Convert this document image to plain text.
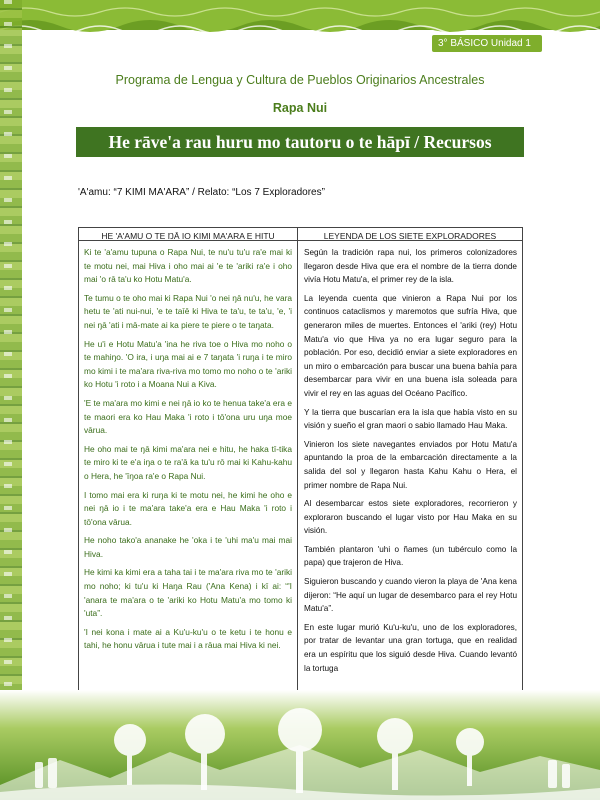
3° BÁSICO Unidad 1
Programa de Lengua y Cultura de Pueblos Originarios Ancestrales
Rapa Nui
He rāve'a rau huru mo tautoru o te hāpī / Recursos
'A'amu: “7 KIMI MA'ARA” / Relato: “Los 7 Exploradores”
HE 'A'AMU O TE ŊĀ IO KIMI MA'ARA E HITU

Ki te 'a'amu tupuna o Rapa Nui, te nu'u tu'u ra'e mai ki te motu nei, mai Hiva i oho mai ai 'e te 'ariki ra'e i oho mai 'o rā ta'u ko Hotu Matu'a.

Te tumu o te oho mai ki Rapa Nui 'o nei ŋā nu'u, he vara hetu te 'ati nui-nui, 'e te taīē ki Hiva te ta'u, te ta'u, 'e, 'i nei ŋā 'ati i mā-mate ai ka piere te piere o te taŋata.

He u'i e Hotu Matu'a 'ina he riva toe o Hiva mo noho o te mahiŋo. 'O ira, i uŋa mai ai e 7 taŋata 'i ruŋa i te miro mo kimi i te ma'ara riva-riva mo tomo mo noho o te 'ariki ko Hotu 'i roto i a Moana Nui a Kiva.

'E te ma'ara mo kimi e nei ŋā io ko te henua take'a era e te maori era ko Hau Maka 'i roto i tō'ona uru uŋa moe vārua.

He oho mai te ŋā kimi ma'ara nei e hitu, he haka tī-tika te miro ki te e'a iŋa o te ra'ā ka tu'u rō mai ki Kahu-kahu o Hera, he 'īŋoa ra'e o Rapa Nui.

I tomo mai era ki ruŋa ki te motu nei, he kimi he oho e nei ŋā io i te ma'ara take'a era e Hau Maka 'i roto i tō'ona vārua.

He noho tako'a ananake he 'oka i te 'uhi ma'u mai mai Hiva.

He kimi ka kimi era a taha tai i te ma'ara riva mo te 'ariki mo noho; ki tu'u ki Haŋa Rau ('Ana Kena) i kī ai: “'I 'anara te ma'ara o te 'ariki ko Hotu Matu'a mo tomo ki 'uta”.

'I nei kona i mate ai a Ku'u-ku'u o te ketu i te honu e tahi, he honu vārua i tute mai i a rāua mai Hiva ki nei.

LEYENDA DE LOS SIETE EXPLORADORES

Según la tradición rapa nui, los primeros colonizadores llegaron desde Hiva que era el nombre de la tierra donde vivía Hotu Matu'a, el primer rey de la isla.

La leyenda cuenta que vinieron a Rapa Nui por los continuos cataclismos y maremotos que sufría Hiva, que generaron miles de muertes. Entonces el 'ariki (rey) Hotu Matu'a vio que Hiva ya no era lugar seguro para la población. Por eso, decidió enviar a siete exploradores en un miro o embarcación para buscar una buena bahía para desembarcar para vivir en una buena isla soleada para vivir el rey en las aguas del Océano Pacífico.

Y la tierra que buscarían era la isla que había visto en su visión y sueño el gran maori o sabio llamado Hau Maka.

Vinieron los siete navegantes enviados por Hotu Matu'a apuntando la proa de la embarcación directamente a la salida del sol y llegaron hasta Kahu Kahu o Hera, el primer nombre de Rapa Nui.

Al desembarcar estos siete exploradores, recorrieron y exploraron buscando el lugar visto por Hau Maka en su visión.

También plantaron 'uhi o ñames (un tubérculo como la papa) que trajeron de Hiva.

Siguieron buscando y cuando vieron la playa de 'Ana kena dijeron: “He aquí un lugar de desembarco para el rey Hotu Matu'a”.

En este lugar murió Ku'u-ku'u, uno de los exploradores, por tratar de levantar una gran tortuga, que en realidad era un espíritu que los siguió desde Hiva. Cuando levantó la tortuga
